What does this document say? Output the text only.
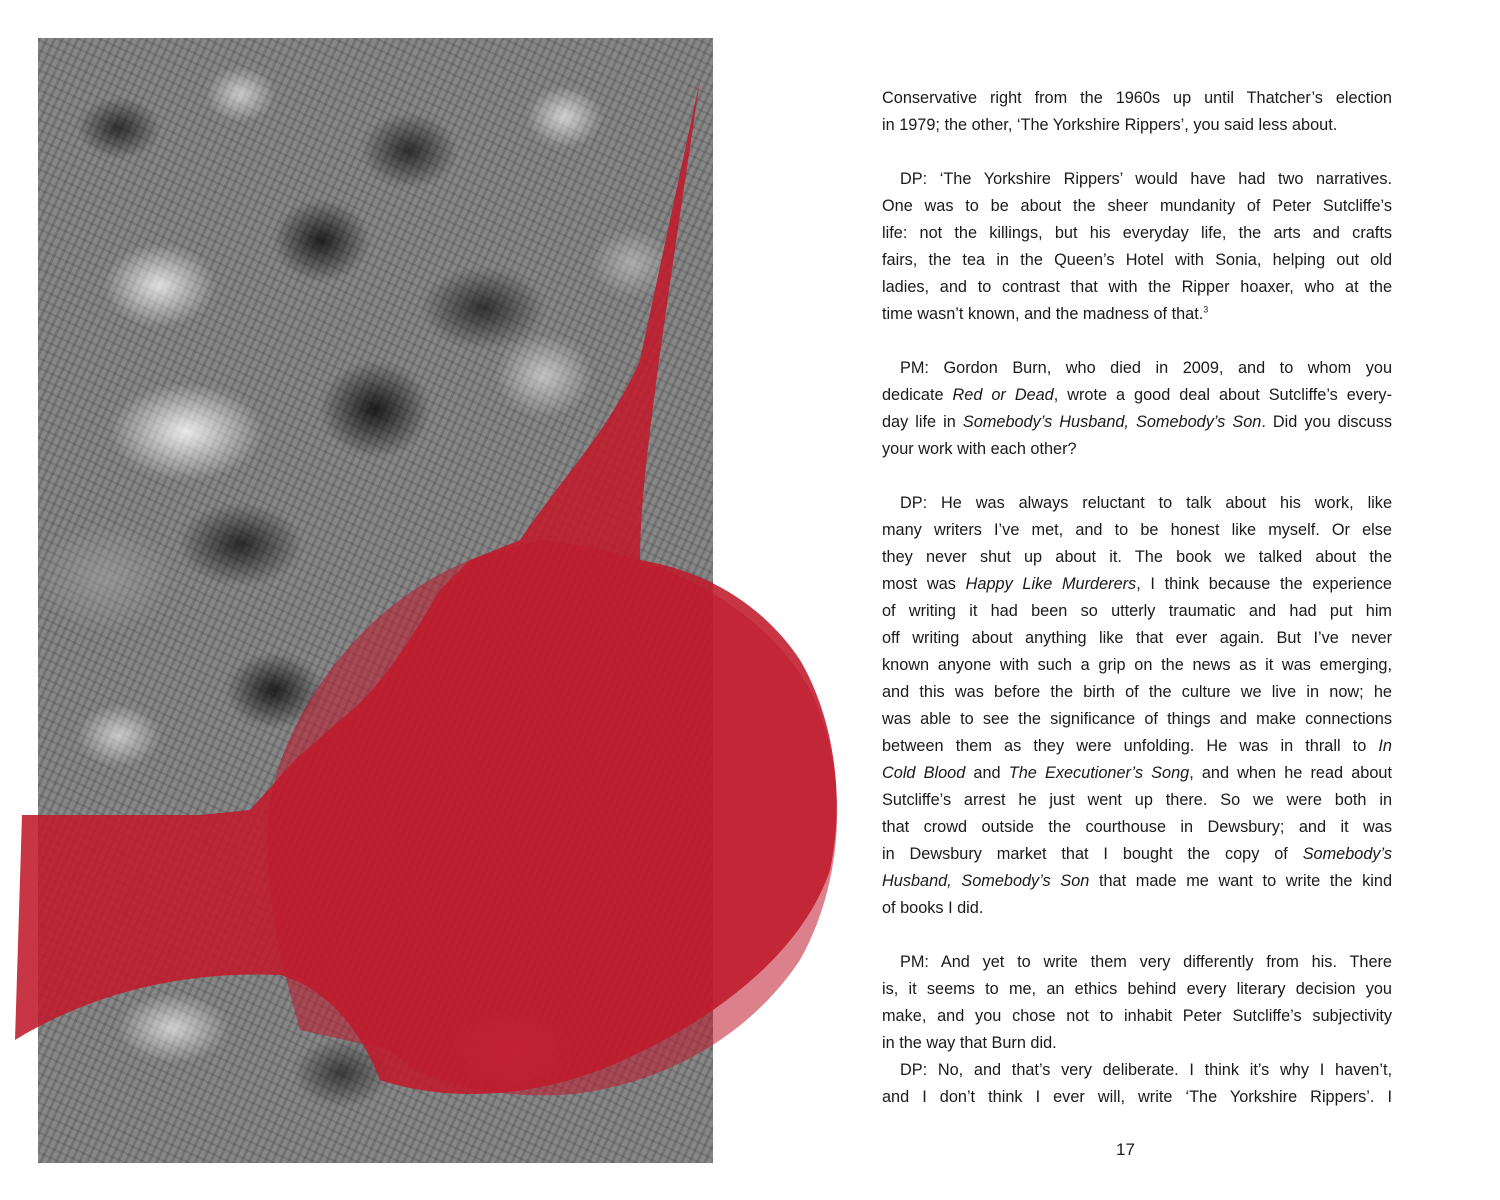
Conservative right from the 1960s up until Thatcher’s election

in 1979; the other, ‘The Yorkshire Rippers’, you said less about.

DP: ‘The Yorkshire Rippers’ would have had two narratives.

One was to be about the sheer mundanity of Peter Sutcliffe’s

life: not the killings, but his everyday life, the arts and crafts

fairs, the tea in the Queen’s Hotel with Sonia, helping out old

ladies, and to contrast that with the Ripper hoaxer, who at the

time wasn’t known, and the madness of that.$^3$

PM: Gordon Burn, who died in 2009, and to whom you

dedicate Red or Dead, wrote a good deal about Sutcliffe’s every-

day life in Somebody’s Husband, Somebody’s Son. Did you discuss

your work with each other?

DP: He was always reluctant to talk about his work, like

many writers I’ve met, and to be honest like myself. Or else

they never shut up about it. The book we talked about the

most was Happy Like Murderers, I think because the experience

of writing it had been so utterly traumatic and had put him

off writing about anything like that ever again. But I’ve never

known anyone with such a grip on the news as it was emerging,

and this was before the birth of the culture we live in now; he

was able to see the significance of things and make connections

between them as they were unfolding. He was in thrall to In

Cold Blood and The Executioner’s Song, and when he read about

Sutcliffe’s arrest he just went up there. So we were both in

that crowd outside the courthouse in Dewsbury; and it was

in Dewsbury market that I bought the copy of Somebody’s

Husband, Somebody’s Son that made me want to write the kind

of books I did.

PM: And yet to write them very differently from his. There

is, it seems to me, an ethics behind every literary decision you

make, and you chose not to inhabit Peter Sutcliffe’s subjectivity

in the way that Burn did.

DP: No, and that’s very deliberate. I think it’s why I haven’t,

and I don’t think I ever will, write ‘The Yorkshire Rippers’. I

17
